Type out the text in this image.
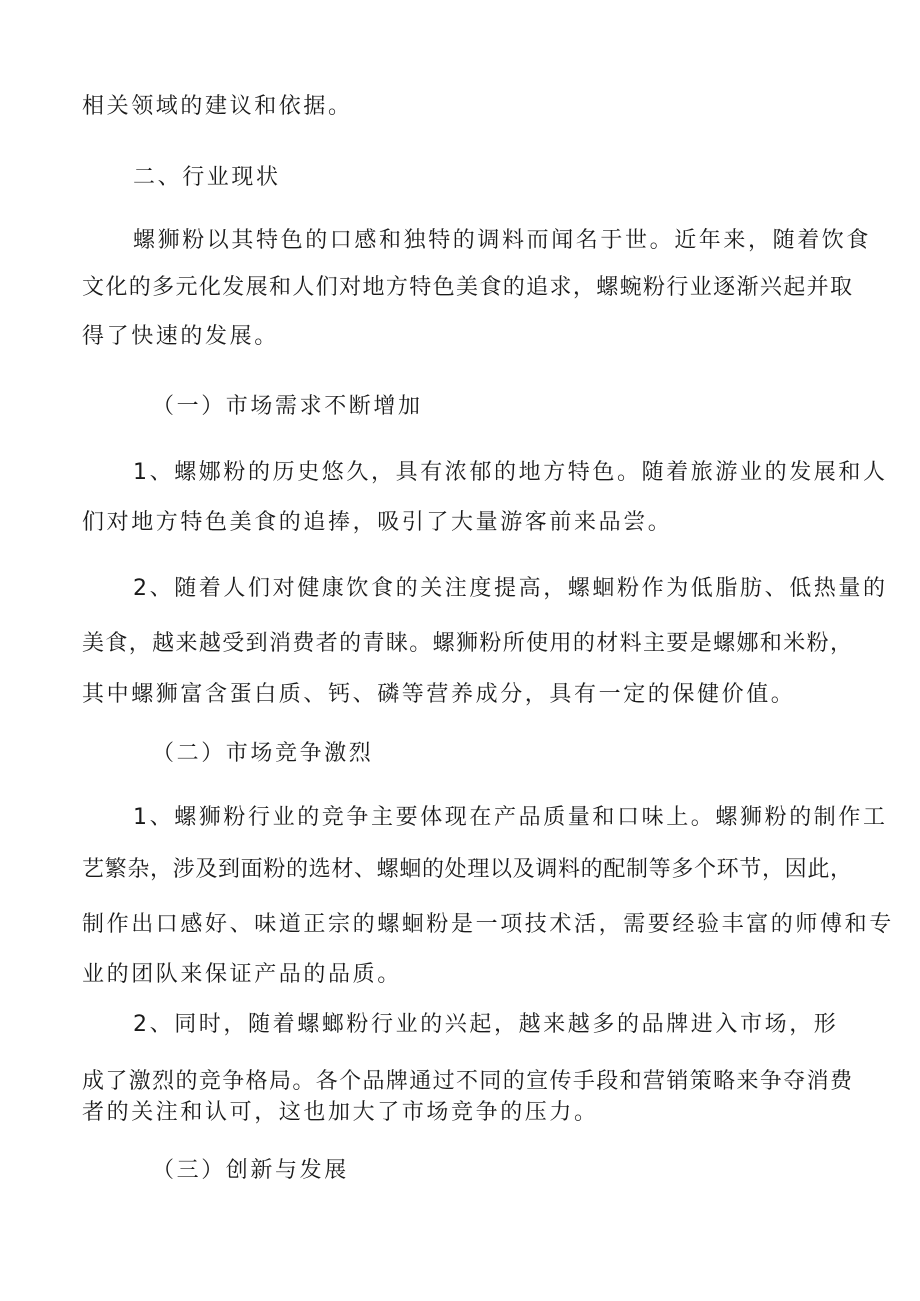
相关领域的建议和依据。
二、行业现状
螺狮粉以其特色的口感和独特的调料而闻名于世。近年来，随着饮食
文化的多元化发展和人们对地方特色美食的追求，螺蜿粉行业逐渐兴起并取
得了快速的发展。
（一）市场需求不断增加
1、螺娜粉的历史悠久，具有浓郁的地方特色。随着旅游业的发展和人
们对地方特色美食的追捧，吸引了大量游客前来品尝。
2、随着人们对健康饮食的关注度提高，螺蛔粉作为低脂肪、低热量的
美食，越来越受到消费者的青睐。螺狮粉所使用的材料主要是螺娜和米粉，
其中螺狮富含蛋白质、钙、磷等营养成分，具有一定的保健价值。
（二）市场竞争激烈
1、螺狮粉行业的竞争主要体现在产品质量和口味上。螺狮粉的制作工
艺繁杂，涉及到面粉的选材、螺蛔的处理以及调料的配制等多个环节，因此，
制作出口感好、味道正宗的螺蛔粉是一项技术活，需要经验丰富的师傅和专
业的团队来保证产品的品质。
2、同时，随着螺螂粉行业的兴起，越来越多的品牌进入市场，形
成了激烈的竞争格局。各个品牌通过不同的宣传手段和营销策略来争夺消费
者的关注和认可，这也加大了市场竞争的压力。
（三）创新与发展
